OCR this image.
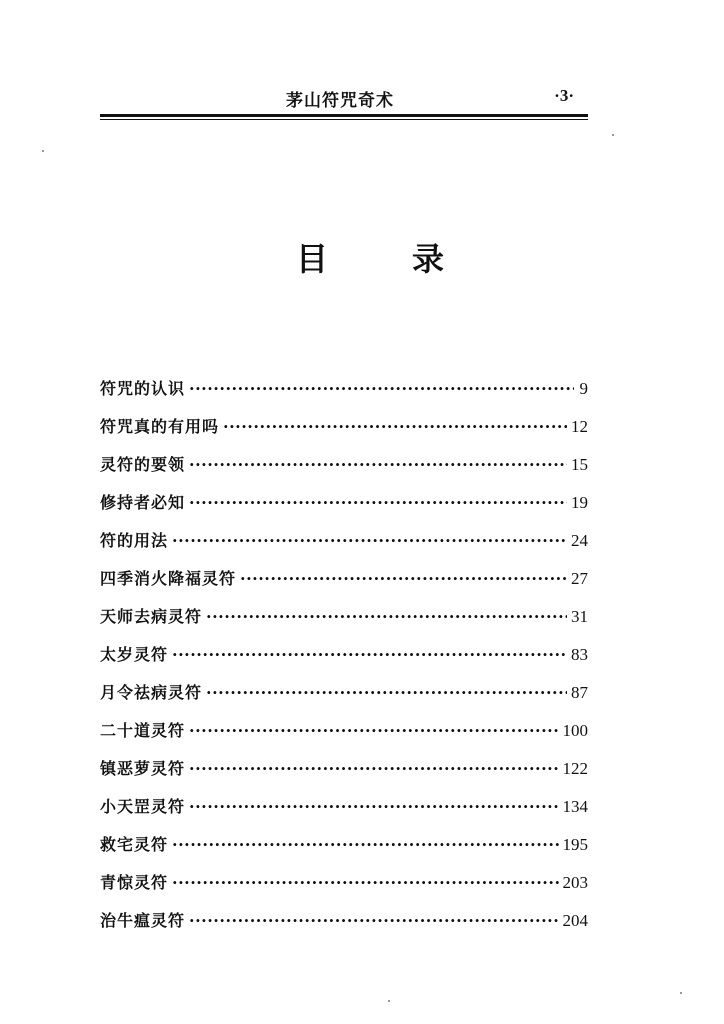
茅山符咒奇术	·3·
目　录
符咒的认识 ·····	9
符咒真的有用吗 ·····	12
灵符的要领 ·····	15
修持者必知 ·····	19
符的用法 ·····	24
四季消火降福灵符 ·····	27
天师去病灵符 ·····	31
太岁灵符 ·····	83
月令祛病灵符 ·····	87
二十道灵符 ·····	100
镇恶萝灵符 ·····	122
小天罡灵符 ·····	134
救宅灵符 ·····	195
青惊灵符 ·····	203
治牛瘟灵符 ·····	204
